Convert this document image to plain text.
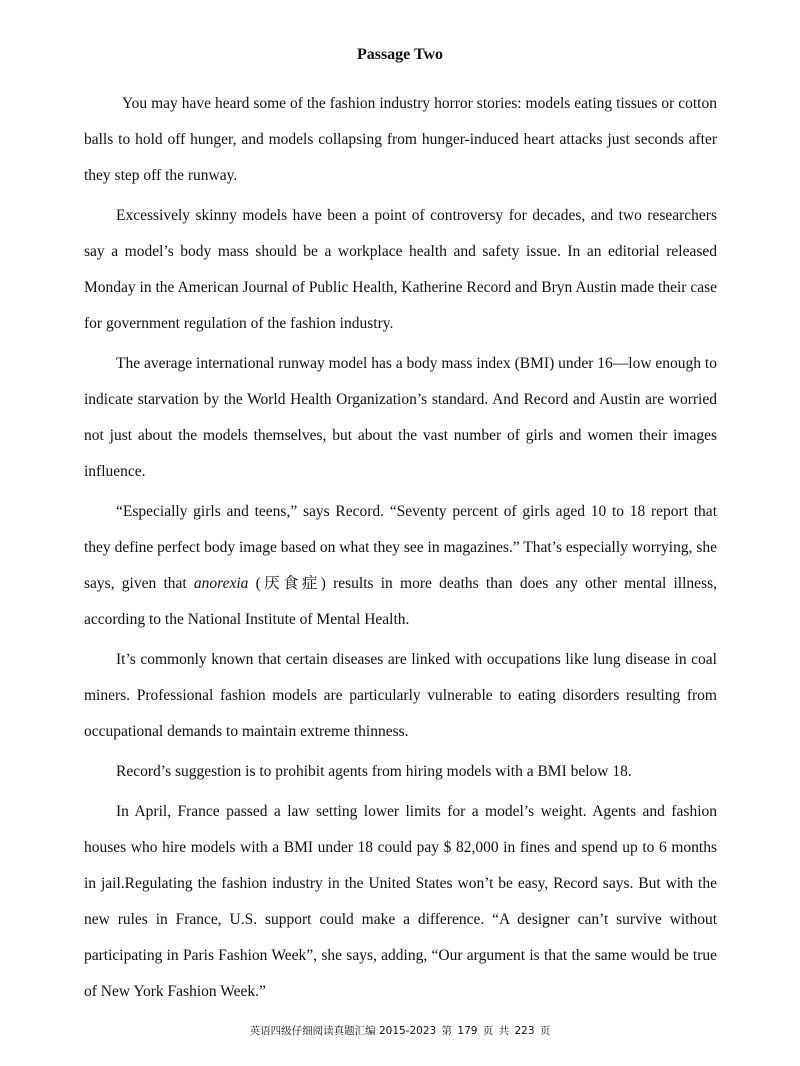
Passage Two

You may have heard some of the fashion industry horror stories: models eating tissues or cotton balls to hold off hunger, and models collapsing from hunger-induced heart attacks just seconds after they step off the runway.

Excessively skinny models have been a point of controversy for decades, and two researchers say a model’s body mass should be a workplace health and safety issue. In an editorial released Monday in the American Journal of Public Health, Katherine Record and Bryn Austin made their case for government regulation of the fashion industry.

The average international runway model has a body mass index (BMI) under 16—low enough to indicate starvation by the World Health Organization’s standard. And Record and Austin are worried not just about the models themselves, but about the vast number of girls and women their images influence.

“Especially girls and teens,” says Record. “Seventy percent of girls aged 10 to 18 report that they define perfect body image based on what they see in magazines.” That’s especially worrying, she says, given that anorexia (厌食症) results in more deaths than does any other mental illness, according to the National Institute of Mental Health.

It’s commonly known that certain diseases are linked with occupations like lung disease in coal miners. Professional fashion models are particularly vulnerable to eating disorders resulting from occupational demands to maintain extreme thinness.

Record’s suggestion is to prohibit agents from hiring models with a BMI below 18.

In April, France passed a law setting lower limits for a model’s weight. Agents and fashion houses who hire models with a BMI under 18 could pay $ 82,000 in fines and spend up to 6 months in jail.Regulating the fashion industry in the United States won’t be easy, Record says. But with the new rules in France, U.S. support could make a difference. “A designer can’t survive without participating in Paris Fashion Week”, she says, adding, “Our argument is that the same would be true of New York Fashion Week.”

英语四级仔细阅读真题汇编 2015-2023 第 179 页 共 223 页
